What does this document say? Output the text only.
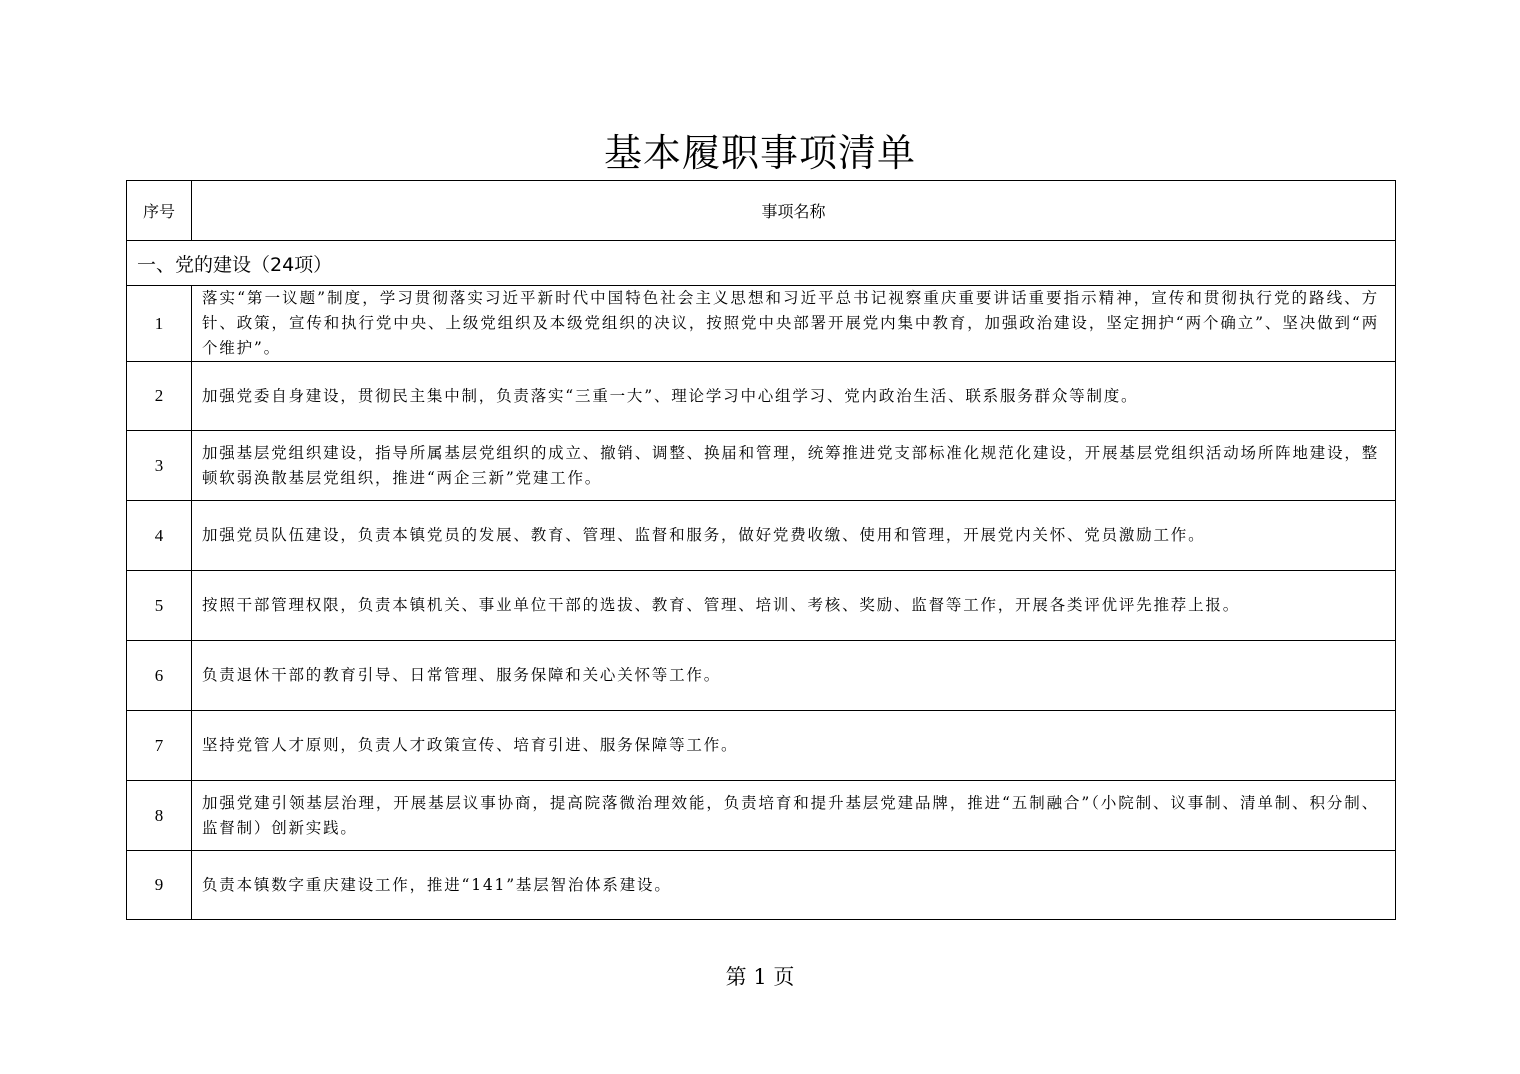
基本履职事项清单
序号	事项名称
一、党的建设（24项）	
1	落实“第一议题”制度，学习贯彻落实习近平新时代中国特色社会主义思想和习近平总书记视察重庆重要讲话重要指示精神，宣传和贯彻执行党的路线、方针、政策，宣传和执行党中央、上级党组织及本级党组织的决议，按照党中央部署开展党内集中教育，加强政治建设，坚定拥护“两个确立”、坚决做到“两个维护”。
2	加强党委自身建设，贯彻民主集中制，负责落实“三重一大”、理论学习中心组学习、党内政治生活、联系服务群众等制度。
3	加强基层党组织建设，指导所属基层党组织的成立、撤销、调整、换届和管理，统筹推进党支部标准化规范化建设，开展基层党组织活动场所阵地建设，整顿软弱涣散基层党组织，推进“两企三新”党建工作。
4	加强党员队伍建设，负责本镇党员的发展、教育、管理、监督和服务，做好党费收缴、使用和管理，开展党内关怀、党员激励工作。
5	按照干部管理权限，负责本镇机关、事业单位干部的选拔、教育、管理、培训、考核、奖励、监督等工作，开展各类评优评先推荐上报。
6	负责退休干部的教育引导、日常管理、服务保障和关心关怀等工作。
7	坚持党管人才原则，负责人才政策宣传、培育引进、服务保障等工作。
8	加强党建引领基层治理，开展基层议事协商，提高院落微治理效能，负责培育和提升基层党建品牌，推进“五制融合”（小院制、议事制、清单制、积分制、监督制）创新实践。
9	负责本镇数字重庆建设工作，推进“141”基层智治体系建设。
第 1 页
